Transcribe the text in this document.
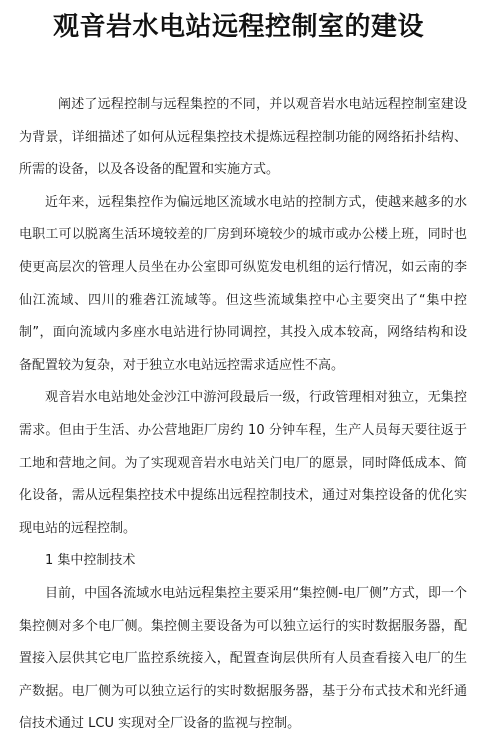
观音岩水电站远程控制室的建设

阐述了远程控制与远程集控的不同，并以观音岩水电站远程控制室建设为背景，详细描述了如何从远程集控技术提炼远程控制功能的网络拓扑结构、所需的设备，以及各设备的配置和实施方式。

近年来，远程集控作为偏远地区流域水电站的控制方式，使越来越多的水电职工可以脱离生活环境较差的厂房到环境较少的城市或办公楼上班，同时也使更高层次的管理人员坐在办公室即可纵览发电机组的运行情况，如云南的李仙江流域、四川的雅砻江流域等。但这些流域集控中心主要突出了“集中控制”，面向流域内多座水电站进行协同调控，其投入成本较高，网络结构和设备配置较为复杂，对于独立水电站远控需求适应性不高。

观音岩水电站地处金沙江中游河段最后一级，行政管理相对独立，无集控需求。但由于生活、办公营地距厂房约 10 分钟车程，生产人员每天要往返于工地和营地之间。为了实现观音岩水电站关门电厂的愿景，同时降低成本、简化设备，需从远程集控技术中提练出远程控制技术，通过对集控设备的优化实现电站的远程控制。

1 集中控制技术

目前，中国各流域水电站远程集控主要采用“集控侧-电厂侧”方式，即一个集控侧对多个电厂侧。集控侧主要设备为可以独立运行的实时数据服务器，配置接入层供其它电厂监控系统接入，配置查询层供所有人员查看接入电厂的生产数据。电厂侧为可以独立运行的实时数据服务器，基于分布式技术和光纤通信技术通过 LCU 实现对全厂设备的监视与控制。
